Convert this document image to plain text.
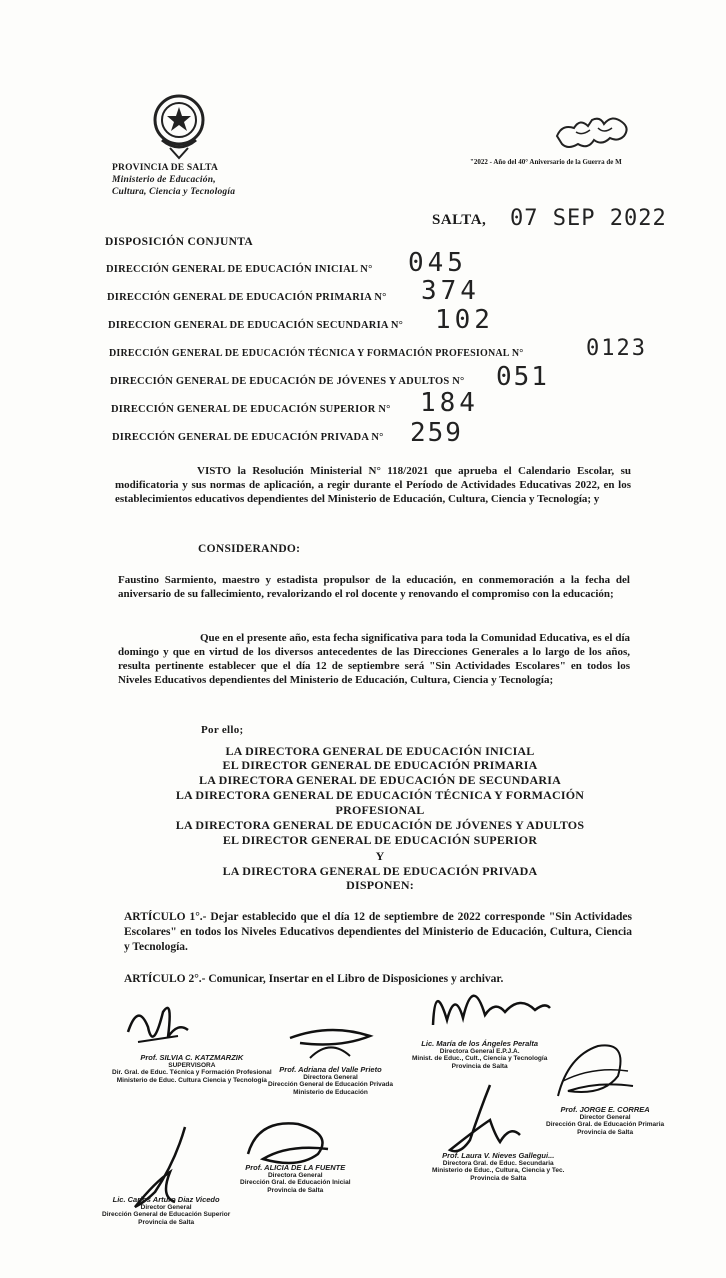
PROVINCIA DE SALTA
Ministerio de Educación,
Cultura, Ciencia y Tecnología
"2022 - Año del 40° Aniversario de la Guerra de M
SALTA, 07 SEP 2022
DISPOSICIÓN CONJUNTA
DIRECCIÓN GENERAL DE EDUCACIÓN INICIAL N° 045
DIRECCIÓN GENERAL DE EDUCACIÓN PRIMARIA N° 374
DIRECCION GENERAL DE EDUCACIÓN SECUNDARIA N° 102
DIRECCIÓN GENERAL DE EDUCACIÓN TÉCNICA Y FORMACIÓN PROFESIONAL N°	0123
DIRECCIÓN GENERAL DE EDUCACIÓN DE JÓVENES Y ADULTOS N° 051
DIRECCIÓN GENERAL DE EDUCACIÓN SUPERIOR N° 184
DIRECCIÓN GENERAL DE EDUCACIÓN PRIVADA N° 259
VISTO la Resolución Ministerial N° 118/2021 que aprueba el Calendario Escolar, su modificatoria y sus normas de aplicación, a regir durante el Período de Actividades Educativas 2022, en los establecimientos educativos dependientes del Ministerio de Educación, Cultura, Ciencia y Tecnología; y
CONSIDERANDO:
Faustino Sarmiento, maestro y estadista propulsor de la educación, en conmemoración a la fecha del aniversario de su fallecimiento, revalorizando el rol docente y renovando el compromiso con la educación;
Que en el presente año, esta fecha significativa para toda la Comunidad Educativa, es el día domingo y que en virtud de los diversos antecedentes de las Direcciones Generales a lo largo de los años, resulta pertinente establecer que el día 12 de septiembre será "Sin Actividades Escolares" en todos los Niveles Educativos dependientes del Ministerio de Educación, Cultura, Ciencia y Tecnología;
Por ello;
LA DIRECTORA GENERAL DE EDUCACIÓN INICIAL
EL DIRECTOR GENERAL DE EDUCACIÓN PRIMARIA
LA DIRECTORA GENERAL DE EDUCACIÓN DE SECUNDARIA
LA DIRECTORA GENERAL DE EDUCACIÓN TÉCNICA Y FORMACIÓN
PROFESIONAL
LA DIRECTORA GENERAL DE EDUCACIÓN DE JÓVENES Y ADULTOS
EL DIRECTOR GENERAL DE EDUCACIÓN SUPERIOR
Y
LA DIRECTORA GENERAL DE EDUCACIÓN PRIVADA
DISPONEN:
ARTÍCULO 1°.- Dejar establecido que el día 12 de septiembre de 2022 corresponde "Sin Actividades Escolares" en todos los Niveles Educativos dependientes del Ministerio de Educación, Cultura, Ciencia y Tecnología.
ARTÍCULO 2°.- Comunicar, Insertar en el Libro de Disposiciones y archivar.
Prof. SILVIA C. KATZMARZIK
SUPERVISORA
Dir. Gral. de Educ. Técnica y Formación Profesional
Ministerio de Educ. Cultura Ciencia y Tecnología
Prof. Adriana del Valle Prieto
Directora General
Dirección General de Educación Privada
Ministerio de Educación
Lic. María de los Ángeles Peralta
Directora General E.P.J.A.
Minist. de Educ., Cult., Ciencia y Tecnología
Provincia de Salta
Prof. JORGE E. CORREA
Director General
Dirección Gral. de Educación Primaria
Provincia de Salta
Lic. Carlos Arturo Diaz Vicedo
Director General
Dirección General de Educación Superior
Provincia de Salta
Prof. ALICIA DE LA FUENTE
Directora General
Dirección Gral. de Educación Inicial
Provincia de Salta
Prof. Laura V. Nieves Gallegui...
Directora Gral. de Educ. Secundaria
Ministerio de Educ., Cultura, Ciencia y Tec.
Provincia de Salta
